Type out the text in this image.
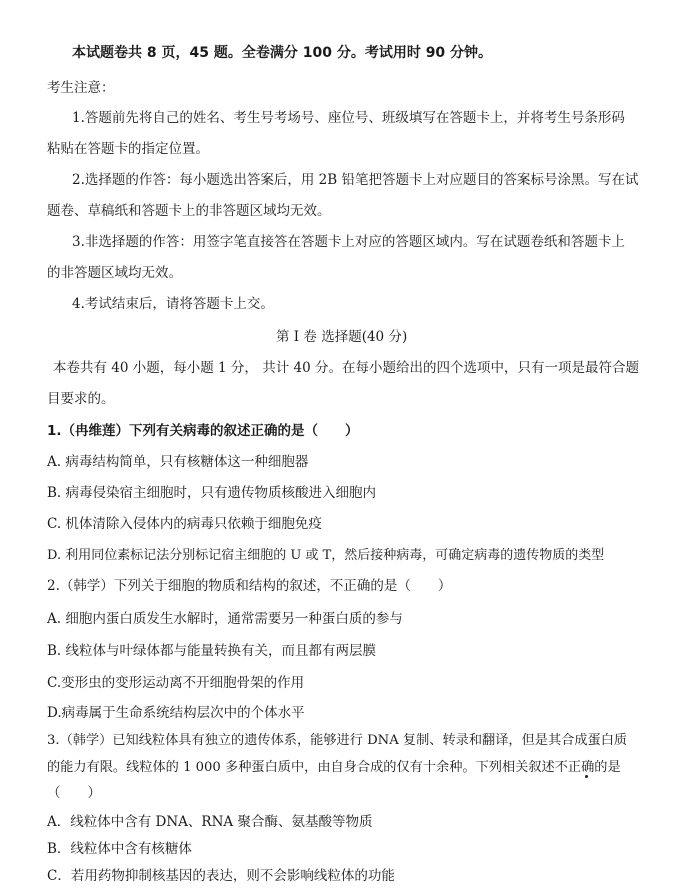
本试题卷共 8 页，45 题。全卷满分 100 分。考试用时 90 分钟。
考生注意：
1.答题前先将自己的姓名、考生号考场号、座位号、班级填写在答题卡上，并将考生号条形码
粘贴在答题卡的指定位置。
2.选择题的作答：每小题选出答案后，用 2B 铅笔把答题卡上对应题目的答案标号涂黑。写在试
题卷、草稿纸和答题卡上的非答题区域均无效。
3.非选择题的作答：用签字笔直接答在答题卡上对应的答题区域内。写在试题卷纸和答题卡上
的非答题区域均无效。
4.考试结束后，请将答题卡上交。
第 I 卷 选择题(40 分)
本卷共有 40 小题，每小题 1 分， 共计 40 分。在每小题给出的四个选项中，只有一项是最符合题
目要求的。
1.（冉维莲）下列有关病毒的叙述正确的是（　　）
A. 病毒结构简单，只有核糖体这一种细胞器
B. 病毒侵染宿主细胞时，只有遗传物质核酸进入细胞内
C. 机体清除入侵体内的病毒只依赖于细胞免疫
D. 利用同位素标记法分别标记宿主细胞的 U 或 T，然后接种病毒，可确定病毒的遗传物质的类型
2.（韩学）下列关于细胞的物质和结构的叙述，不正确的是（　　）
A. 细胞内蛋白质发生水解时，通常需要另一种蛋白质的参与
B. 线粒体与叶绿体都与能量转换有关，而且都有两层膜
C.变形虫的变形运动离不开细胞骨架的作用
D.病毒属于生命系统结构层次中的个体水平
3.（韩学）已知线粒体具有独立的遗传体系，能够进行 DNA 复制、转录和翻译，但是其合成蛋白质
的能力有限。线粒体的 1 000 多种蛋白质中，由自身合成的仅有十余种。下列相关叙述不正确的是
（　　）
A．线粒体中含有 DNA、RNA 聚合酶、氨基酸等物质
B．线粒体中含有核糖体
C．若用药物抑制核基因的表达，则不会影响线粒体的功能
